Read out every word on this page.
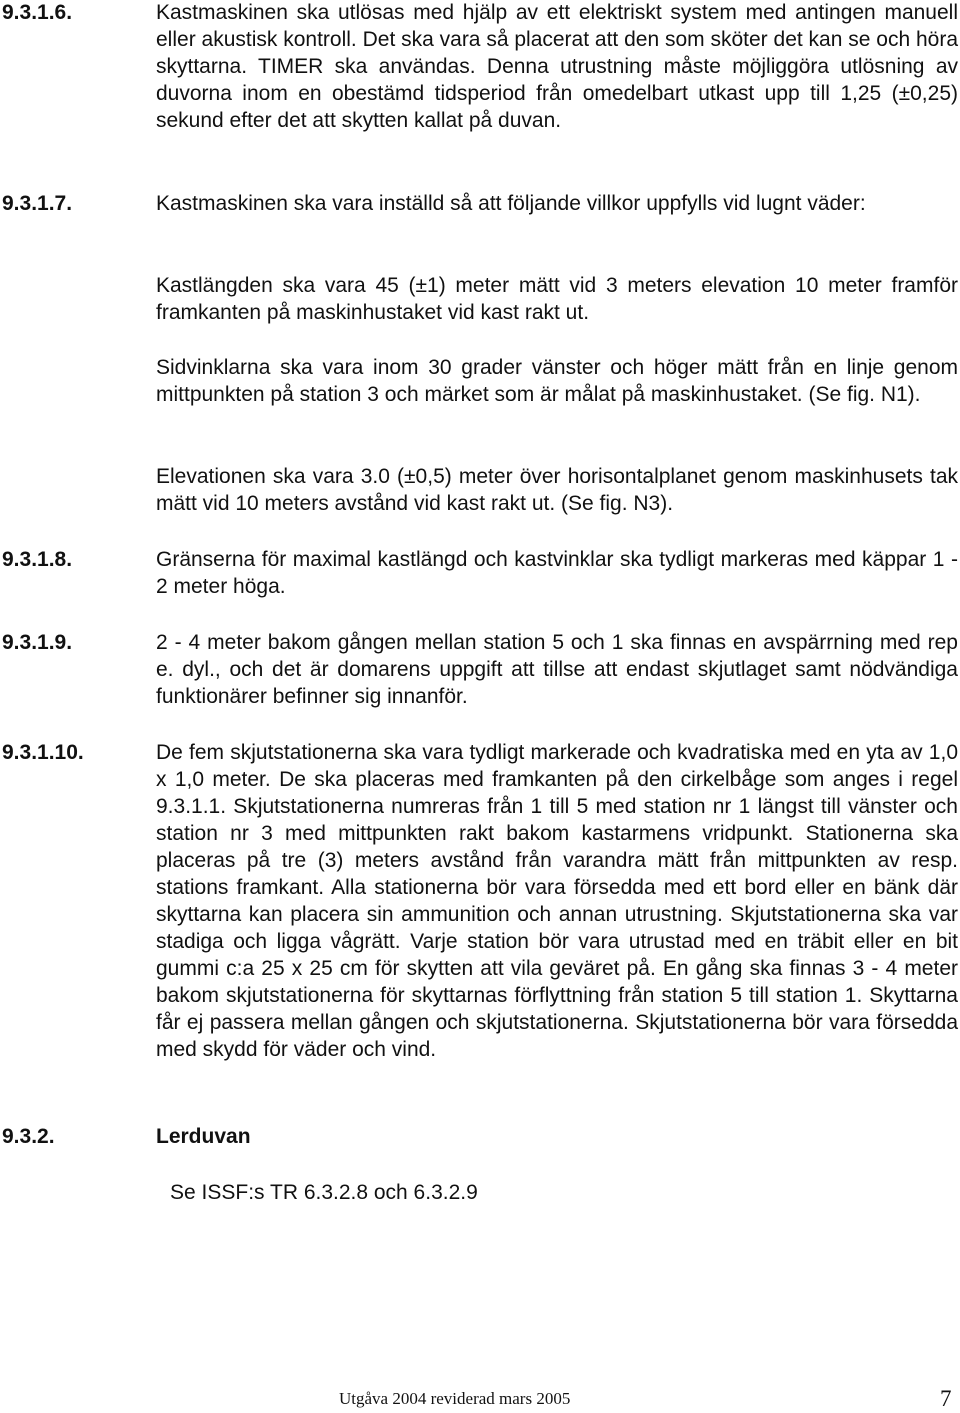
9.3.1.6.	Kastmaskinen ska utlösas med hjälp av ett elektriskt system med antingen manuell eller akustisk kontroll. Det ska vara så placerat att den som sköter det kan se och höra skyttarna. TIMER ska användas. Denna utrustning måste möjliggöra utlösning av duvorna inom en obestämd tidsperiod från omedelbart utkast upp till 1,25 (±0,25) sekund efter det att skytten kallat på duvan.

9.3.1.7.	Kastmaskinen ska vara inställd så att följande villkor uppfylls vid lugnt väder:

Kastlängden ska vara 45 (±1) meter mätt vid 3 meters elevation 10 meter framför framkanten på maskinhustaket vid kast rakt ut.

Sidvinklarna ska vara inom 30 grader vänster och höger mätt från en linje genom mittpunkten på station 3 och märket som är målat på maskinhustaket. (Se fig. N1).

Elevationen ska vara 3.0 (±0,5) meter över horisontalplanet genom maskinhusets tak mätt vid 10 meters avstånd vid kast rakt ut. (Se fig. N3).

9.3.1.8.	Gränserna för maximal kastlängd och kastvinklar ska tydligt markeras med käppar 1 - 2 meter höga.

9.3.1.9.	2 - 4 meter bakom gången mellan station 5 och 1 ska finnas en avspärrning med rep e. dyl., och det är domarens uppgift att tillse att endast skjutlaget samt nödvändiga funktionärer befinner sig innanför.

9.3.1.10.	De fem skjutstationerna ska vara tydligt markerade och kvadratiska med en yta av 1,0 x 1,0 meter. De ska placeras med framkanten på den cirkelbåge som anges i regel 9.3.1.1. Skjutstationerna numreras från 1 till 5 med station nr 1 längst till vänster och station nr 3 med mittpunkten rakt bakom kastarmens vridpunkt. Stationerna ska placeras på tre (3) meters avstånd från varandra mätt från mittpunkten av resp. stations framkant. Alla stationerna bör vara försedda med ett bord eller en bänk där skyttarna kan placera sin ammunition och annan utrustning. Skjutstationerna ska var stadiga och ligga vågrätt. Varje station bör vara utrustad med en träbit eller en bit gummi c:a 25 x 25 cm för skytten att vila geväret på. En gång ska finnas 3 - 4 meter bakom skjutstationerna för skyttarnas förflyttning från station 5 till station 1. Skyttarna får ej passera mellan gången och skjutstationerna. Skjutstationerna bör vara försedda med skydd för väder och vind.

9.3.2.	Lerduvan
Se ISSF:s TR 6.3.2.8 och 6.3.2.9
Utgåva 2004 reviderad mars 2005	7
